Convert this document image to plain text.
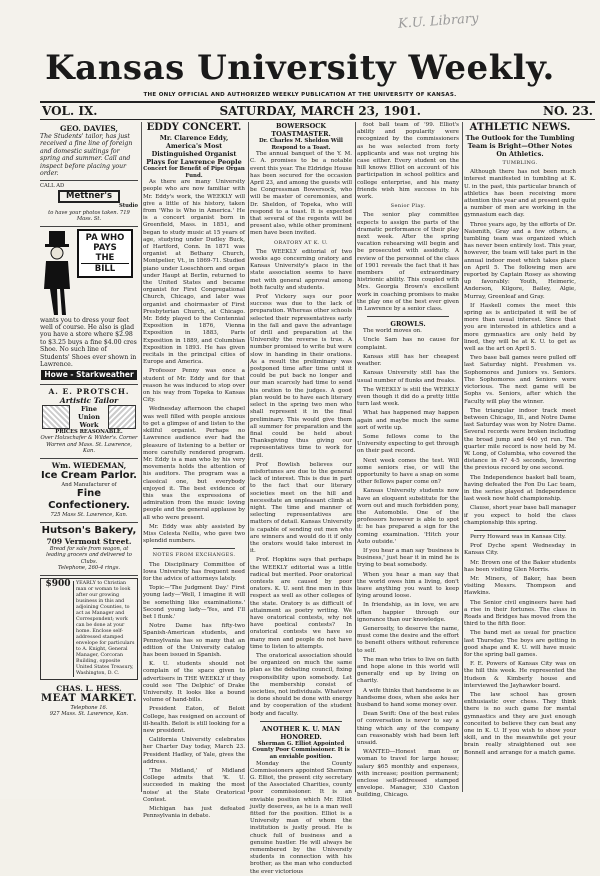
K.U. Library
Kansas University Weekly.
THE ONLY OFFICIAL AND AUTHORIZED WEEKLY PUBLICATION AT THE UNIVERSITY OF KANSAS.
VOL. IX.	SATURDAY, MARCH 23, 1901.	NO. 23.
GEO. DAVIES,
The Students' tailor, has just received a fine line of foreign and domestic suitings for spring and summer. Call and inspect before placing your order.
CALL AD
Mettner's
Studio
to have your photos taken. 719 Mass. St.
PA WHO
PAYS
THE
BILL
wants you to dress your feet well of course. He also is glad you have a store where $2.98 to $3.25 buys a fine $4.00 cres Shoe. No such line of Students' Shoes ever shown in Lawrence.
Howe - Starkweather
A. E. PROTSCH.
Artistic Tailor
Fine
Union
Work
PRICES REASONABLE.
Over Holzschafer & Wilder's. Corner Warren and Mass. St. Lawrence, Kan.
Wm. WIEDEMAN,
Ice Cream Parlor.
And Manufacturer of
Fine Confectionery.
725 Mass St. Lawrence, Kan.
Hutson's Bakery,
709 Vermont Street.
Bread for sale from wagon, at leading grocers and delivered to Clubs.
Telephone, 260-4 rings.
$900	YEARLY to Christian man or woman to look after our growing business in this and adjoining Counties, to act as Manager and Correspondent; work can be done at your home. Enclose self-addressed stamped envelope for particulars to A. Knight, General Manager, Corcoran Building, opposite United States Treasury, Washington, D. C.
CHAS. L. HESS.
MEAT MARKET.
Telephone 16.
927 Mass. St. Lawrence, Kan.
EDDY CONCERT.
Mr. Clarence Eddy, America's Most Distinguished Organist Plays for Lawrence People
Concert for Benefit of Pipe Organ Fund.

As there are many University people who are now familiar with Mr. Eddy's work, the WEEKLY will give a little of his history, taken from 'Who is Who in America.' He is a concert organist born in Greenfield, Mass. in 1851, and began to study music at 15 years of age, studying under Dudley Buck, of Hartford, Conn. In 1871 was organist at Bethany Church, Montpelier, Vt., in 1869-71. Studied piano under Loeschhorn and organ under Haupt at Berlin, returned to the United States and became organist for First Congregational Church, Chicago, and later was organist and choirmaster of First Presbyterian Church, at Chicago. Mr. Eddy played to the Centennial Exposition in 1876, Vienna Exposition in 1883, Paris Exposition in 1889, and Columbian Exposition in 1893. He has given recitals in the principal cities of Europe and America.

Professor Penny was once a student of Mr. Eddy and for that reason he was induced to stop over on his way from Topeka to Kansas City.

Wednesday afternoon the chapel was well filled with people anxious to get a glimpse of and listen to the skillful organist. Perhaps no Lawrence audience ever had the pleasure of listening to a better or more carefully rendered program. Mr. Eddy is a man who by his very movements holds the attention of his auditors. The program was a classical one, but everybody enjoyed it. The best evidence of this was the expressions of admiration from the music loving people and the general applause by all who were present.

Mr. Eddy was ably assisted by Miss Celesta Nellis, who gave two splendid numbers.

NOTES FROM EXCHANGES.

The Disciplinary Committee of Iowa University has frequent need for the advice of attorneys lately.

Topic—'The Judgment Day.' First young lady—'Well, I imagine it will be something like examinations.' Second young lady—'Yes, and I'll bet I flunk.'

Notre Dame has fifty-two Spanish-American students, and Pennsylvania has so many that an edition of the University catalog has been issued in Spanish.

K. U. students should not complain of the space given to advertisers in THE WEEKLY if they could see 'The Delphic' of Drake University. It looks like a bound volume of hand-bills.

President Eaton, of Beloit College, has resigned on account of ill-health. Beloit is still looking for a new president.

California University celebrates her Charter Day today, March 23. President Hadley, of Yale, gives the address.

'The Midland,' of Midland College admits that 'K. U. succeeded in making the most noise' at the State Oratorical Contest.

Michigan has just defeated Pennsylvania in debate.

BOWERSOCK TOASTMASTER.
Dr. Charles M. Sheldon Will Respond to a Toast.

The annual banquet of the Y. M. C. A. promises to be a notable event this year. The Eldridge House has been secured for the occasion April 23, and among the guests will be Congressman Bowersock, who will be master of ceremonies, and Dr. Sheldon, of Topeka, who will respond to a toast. It is expected that several of the regents will be present also, while other prominent men have been invited.

ORATORY AT K. U.

The WEEKLY editorial of two weeks ago concerning oratory and Kansas University's place in the state association seems to have met with general approval among both faculty and students.

Prof Vickery says our poor success was due to the lack of preparation. Whereas other schools selected their representatives early in the fall and gave the advantage of drill and preparation at the University the reverse is true. A number promised to write but were slow in handing in their orations. As a result the preliminary was postponed time after time until it could be put back no longer and our man scarcely had time to send his oration to the judges. A good plan would be to have each literary select in the spring two men who shall represent it in the final preliminary. This would give them all summer for preparation and the final could be held about Thanksgiving thus giving our representatives time to work for drill.

Prof Bowlish believes our misfortunes are due to the general lack of interest. This is due in part to the fact that our literary societies meet on the hill and necessitate an unpleasant climb at night. The time and manner of selecting representatives are matters of detail. Kansas University is capable of sending out men who are winners and would do it if only the orators would take interest in it.

Prof. Hopkins says that perhaps the WEEKLY editorial was a little radical but merited. Poor oratorical contests are caused by poor orators. K. U. sent fine men in this respect as well as other colleges of the state. Oratory is as difficult of attainment as poetry writing. We have oratorical contests, why not have poetical contests? In oratorical contests we have so many men and people do not have time to listen to attempts.

The oratorical association should be organized on much the same plan as the debating council, fixing responsibility upon somebody. Let the membership consist of societies, not individuals. Whatever is done should be done with energy and by cooperation of the student body and faculty.

ANOTHER K. U. MAN HONORED.
Sherman G. Elliot Appointed County Poor Commissioner. It is an enviable position.

Monday the County Commissioners appointed Sherman G. Elliot, the present city secretary of the Associated Charities, county poor commissioner. It is an enviable position which Mr. Elliot justly deserves, as he is a man well fitted for the position. Elliot is a University man of whom the institution is justly proud. He is chuck full of business and a genuine hustler. He will always be remembered by the University students in connection with his brother, as the man who conducted the ever victorious

foot ball team of '99. Elliot's ability and popularity were recognized by the commissioners as he was selected from forty applicants and was not urging his case either. Every student on the hill knows Elliot on account of his participation in school politics and college enterprise, and his many friends wish him success in his work.

Senior Play.

The senior play committee expects to assign the parts of the dramatic performance of their play next week. After the spring vacation rehearsing will begin and be prosecuted with assiduity. A review of the personnel of the class of 1901 reveals the fact that it has members of extraordinary histrionic ability. This coupled with Mrs. Georgia Brown's excellent work in coaching promises to make the play one of the best ever given in Lawrence by a senior class.

GROWLS.

The world moves on.

Uncle Sam has no cause for complaint.

Kansas still has her cheapest weather.

Kansas University still has the usual number of flunks and freaks.

The WEEKLY is still the WEEKLY even though it did do a pretty little turn last week.

What has happened may happen again and maybe much the same sort of write up.

Some fellows come to the University expecting to get through on their past record.

Next week comes the test. Will some seniors rise, or will the opportunity to have a snap on some other fellows paper come on?

Kansas University students now have an eloquent substitute for the worn out and much forbidden pony, the Automobile. One of the professors however is able to spot it: he has prepared a sign for the coming examination. 'Hitch your Auto outside.'

If you hear a man say 'business is business,' just hear it in mind he is trying to beat somebody.

When you hear a man say that the world owes him a living, don't leave anything you want to keep lying around loose.

In friendship, as in love, we are often happier through our ignorance than our knowledge.

Generosity, to deserve the name, must come the desire and the effort to benefit others without reference to self.

The man who tries to live on faith and hope alone in this world will generally end up by living on charity.

A wife thinks that handsome is as handsome does, when she asks her husband to hand some money over.

Dean Swift: One of the best rules of conversation is never to say a thing which any of the company can reasonably wish had been left unsaid.

WANTED—Honest man or woman to travel for large house; salary $65 monthly and expenses, with increase; position permanent; enclose self-addressed stamped envelope. Manager, 330 Caxton building, Chicago.

ATHLETIC NEWS.
The Outlook for the Tumbling Team is Bright—Other Notes On Athletics.
TUMBLING.

Although there has not been much interest manifested in tumbling at K. U. in the past, this particular branch of athletics has been receiving more attention this year and at present quite a number of men are working in the gymnasium each day.

Three years ago, by the efforts of Dr. Naismith, Gray and a few others, a tumbling team was organized which has never been entirely lost. This year, however, the team will take part in the annual indoor meet which takes place on April 5. The following men are reported by Captain Rosey as showing up favorably: Youth, Heimeric, Anderson, Kilgore, Bailey, Algie, Murray, Greenleaf and Gray.

If Haskell comes the meet this spring as is anticipated it will be of more than usual interest. Since that you are interested in athletics and a more gymnastics are only held by lined, they will be at K. U. to get as well as the art on April 5.

Two base ball games were pulled off last Saturday night. Freshmen vs. Sophomores and Juniors vs. Seniors. The Sophomores and Seniors were victorious. The next game will be Sophs vs. Seniors, after which the Faculty will play the winner.

The triangular indoor track meet between Chicago, Ill., and Notre Dame last Saturday was won by Notre Dame. Several records were broken including the broad jump and 440 yd run. The quarter mile record is now held by M. W. Long, of Columbia, who covered the distance in 47 4-5 seconds, lowering the previous record by one second.

The Independence basket ball team, having defeated the Fon Du Lac team, in the series played at Independence last week now hold championship.

Clause, short year base ball manager if you expect to hold the class championship this spring.

Perry Howard was in Kansas City.

Prof Dyche spent Wednesday in Kansas City.

Mr. Brown one of the Baker students has been visiting Glen Morris.

Mr. Miners, of Baker, has been visiting Messrs. Thompson and Hawkins.

The Senior civil engineers have had a rise in their fortunes. The class in Roads and Bridges has moved from the third to the fifth floor.

The band met as usual for practice last Thursday. The boys are getting in good shape and K. U. will have music for the spring ball games.

F. E. Powers of Kansas City was on the hill this week. He represented the Hudson & Kimberly house and interviewed the Jayhawker board.

The law school has grown enthusiastic over chess. They think there is no such game for mental gymnastics and they are just enough conceited to believe they can beat any one in K. U. If you wish to show your skill, and in the meanwhile get your brain really straightened out see Bonnell and arrange for a match game.
